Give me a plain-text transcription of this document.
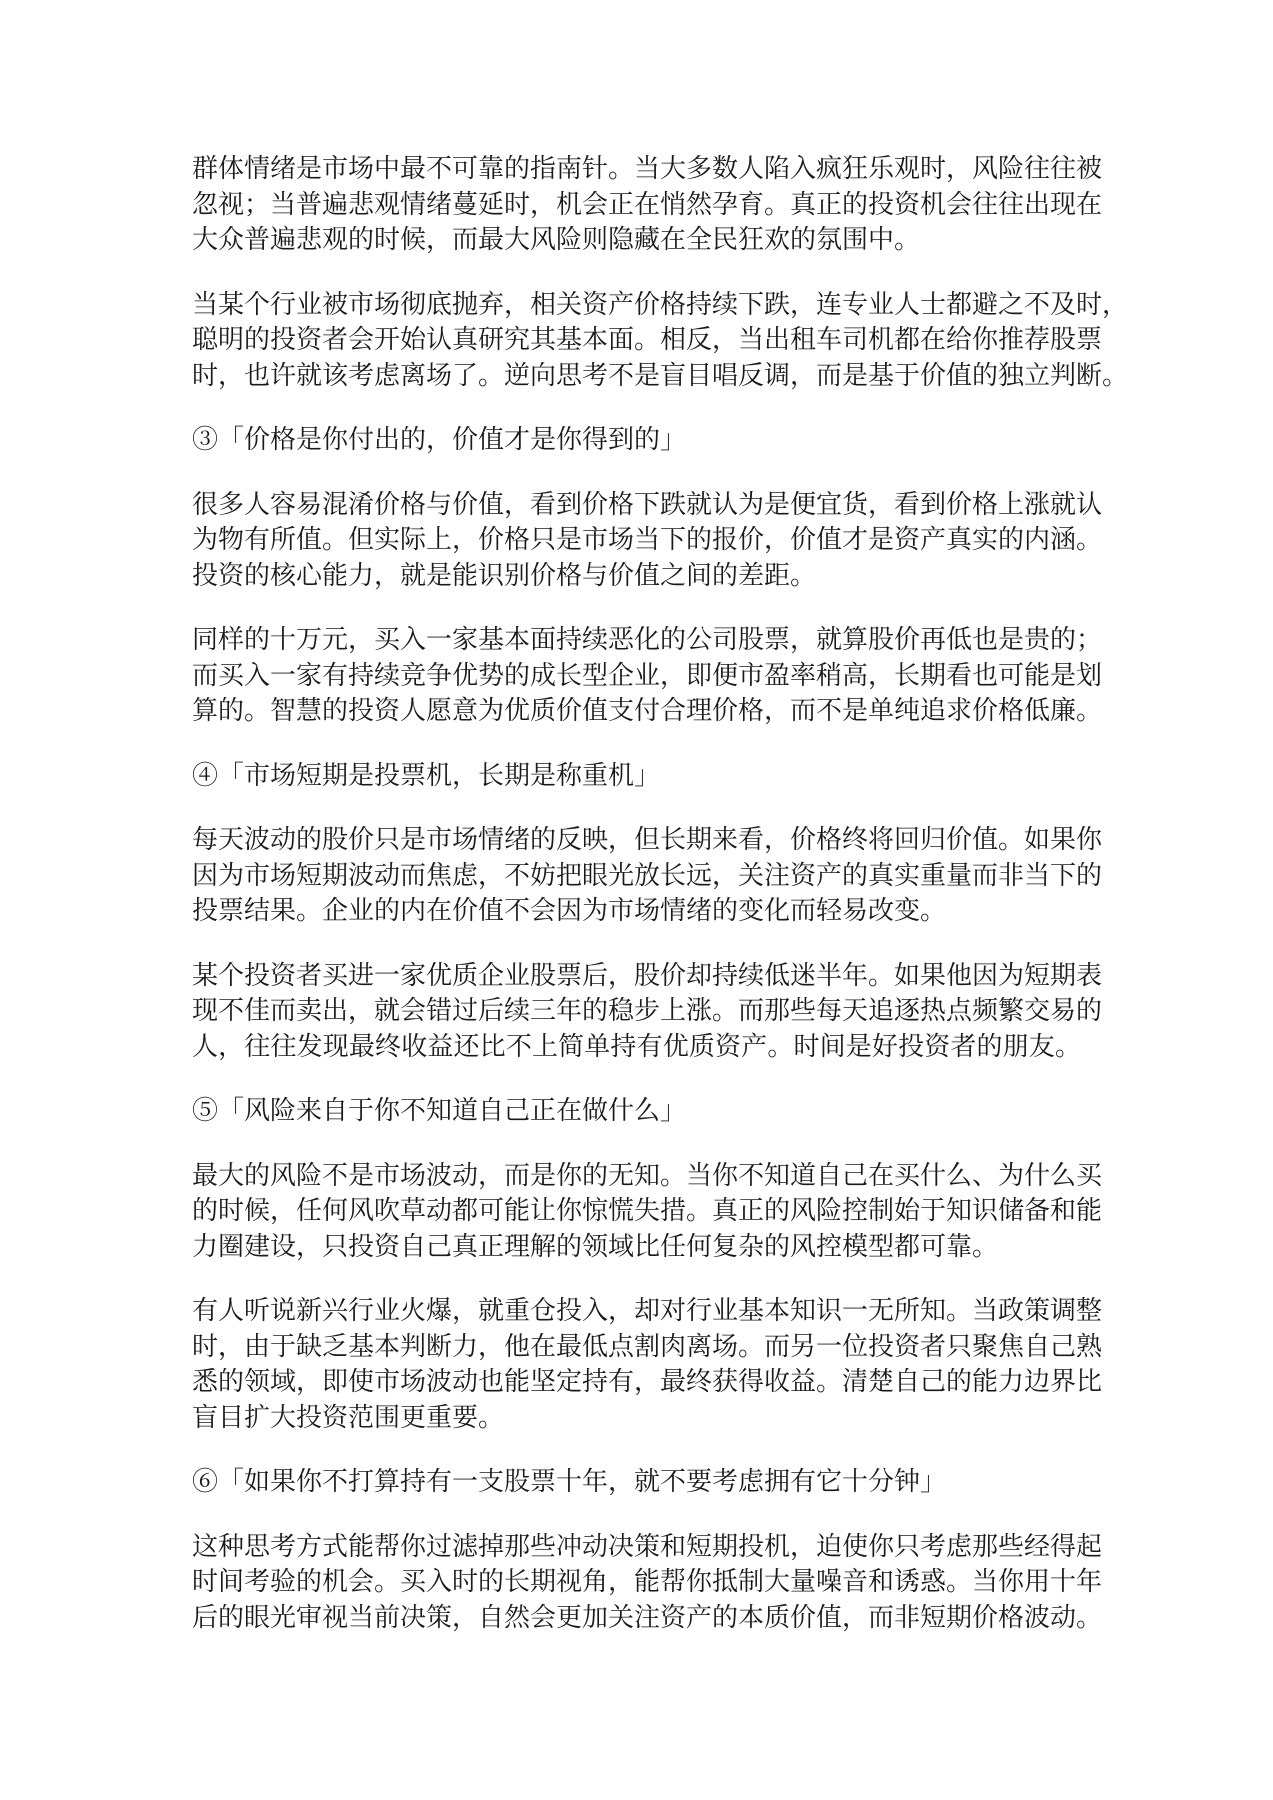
群体情绪是市场中最不可靠的指南针。当大多数人陷入疯狂乐观时，风险往往被
忽视；当普遍悲观情绪蔓延时，机会正在悄然孕育。真正的投资机会往往出现在
大众普遍悲观的时候，而最大风险则隐藏在全民狂欢的氛围中。
当某个行业被市场彻底抛弃，相关资产价格持续下跌，连专业人士都避之不及时，
聪明的投资者会开始认真研究其基本面。相反，当出租车司机都在给你推荐股票
时，也许就该考虑离场了。逆向思考不是盲目唱反调，而是基于价值的独立判断。
③「价格是你付出的，价值才是你得到的」
很多人容易混淆价格与价值，看到价格下跌就认为是便宜货，看到价格上涨就认
为物有所值。但实际上，价格只是市场当下的报价，价值才是资产真实的内涵。
投资的核心能力，就是能识别价格与价值之间的差距。
同样的十万元，买入一家基本面持续恶化的公司股票，就算股价再低也是贵的；
而买入一家有持续竞争优势的成长型企业，即便市盈率稍高，长期看也可能是划
算的。智慧的投资人愿意为优质价值支付合理价格，而不是单纯追求价格低廉。
④「市场短期是投票机，长期是称重机」
每天波动的股价只是市场情绪的反映，但长期来看，价格终将回归价值。如果你
因为市场短期波动而焦虑，不妨把眼光放长远，关注资产的真实重量而非当下的
投票结果。企业的内在价值不会因为市场情绪的变化而轻易改变。
某个投资者买进一家优质企业股票后，股价却持续低迷半年。如果他因为短期表
现不佳而卖出，就会错过后续三年的稳步上涨。而那些每天追逐热点频繁交易的
人，往往发现最终收益还比不上简单持有优质资产。时间是好投资者的朋友。
⑤「风险来自于你不知道自己正在做什么」
最大的风险不是市场波动，而是你的无知。当你不知道自己在买什么、为什么买
的时候，任何风吹草动都可能让你惊慌失措。真正的风险控制始于知识储备和能
力圈建设，只投资自己真正理解的领域比任何复杂的风控模型都可靠。
有人听说新兴行业火爆，就重仓投入，却对行业基本知识一无所知。当政策调整
时，由于缺乏基本判断力，他在最低点割肉离场。而另一位投资者只聚焦自己熟
悉的领域，即使市场波动也能坚定持有，最终获得收益。清楚自己的能力边界比
盲目扩大投资范围更重要。
⑥「如果你不打算持有一支股票十年，就不要考虑拥有它十分钟」
这种思考方式能帮你过滤掉那些冲动决策和短期投机，迫使你只考虑那些经得起
时间考验的机会。买入时的长期视角，能帮你抵制大量噪音和诱惑。当你用十年
后的眼光审视当前决策，自然会更加关注资产的本质价值，而非短期价格波动。
